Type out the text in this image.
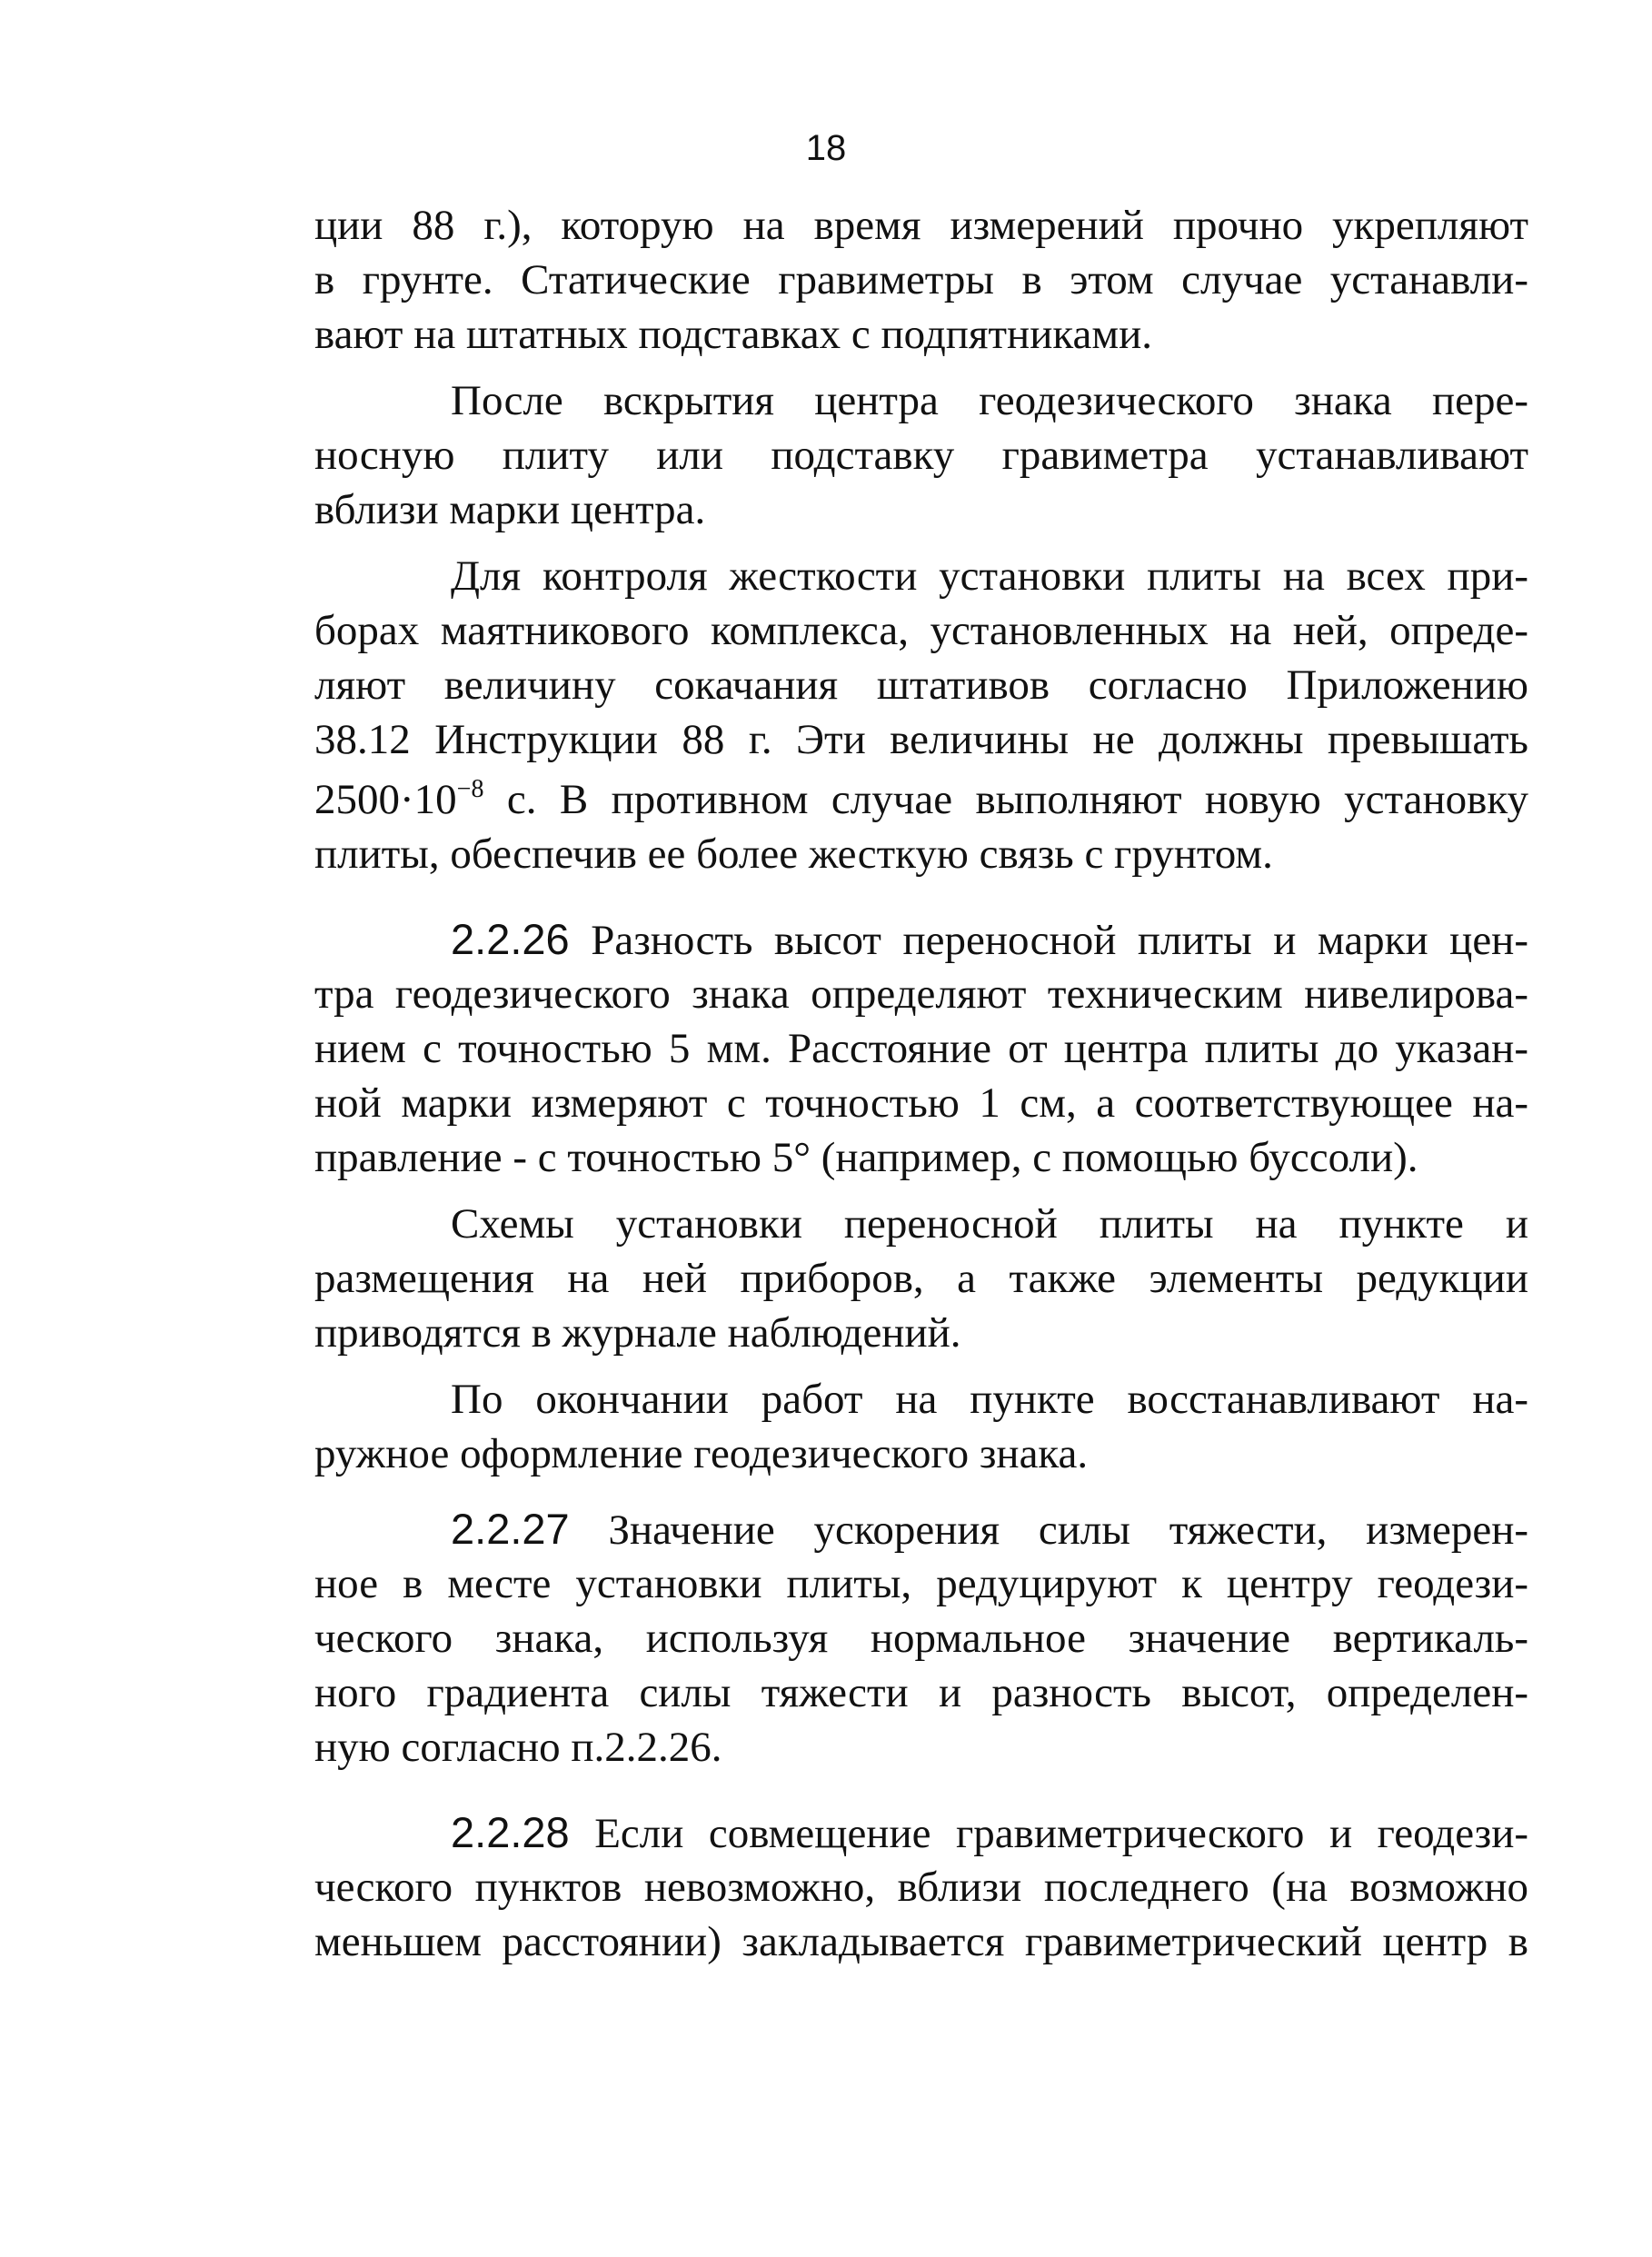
18
ции 88 г.), которую на время измерений прочно укрепляют
в грунте. Статические гравиметры в этом случае устанавли-
вают на штатных подставках с подпятниками.
После вскрытия центра геодезического знака пере-
носную плиту или подставку гравиметра устанавливают
вблизи марки центра.
Для контроля жесткости установки плиты на всех при-
борах маятникового комплекса, установленных на ней, опреде-
ляют величину сокачания штативов согласно Приложению
38.12 Инструкции 88 г. Эти величины не должны превышать
$2500\cdot 10^{-8}$ с. В противном случае выполняют новую установку
плиты, обеспечив ее более жесткую связь с грунтом.
2.2.26 Разность высот переносной плиты и марки цен-
тра геодезического знака определяют техническим нивелирова-
нием с точностью 5 мм. Расстояние от центра плиты до указан-
ной марки измеряют с точностью 1 см, а соответствующее на-
правление - с точностью 5° (например, с помощью буссоли).
Схемы установки переносной плиты на пункте и
размещения на ней приборов, а также элементы редукции
приводятся в журнале наблюдений.
По окончании работ на пункте восстанавливают на-
ружное оформление геодезического знака.
2.2.27 Значение ускорения силы тяжести, измерен-
ное в месте установки плиты, редуцируют к центру геодези-
ческого знака, используя нормальное значение вертикаль-
ного градиента силы тяжести и разность высот, определен-
ную согласно п.2.2.26.
2.2.28 Если совмещение гравиметрического и геодези-
ческого пунктов невозможно, вблизи последнего (на возможно
меньшем расстоянии) закладывается гравиметрический центр в
